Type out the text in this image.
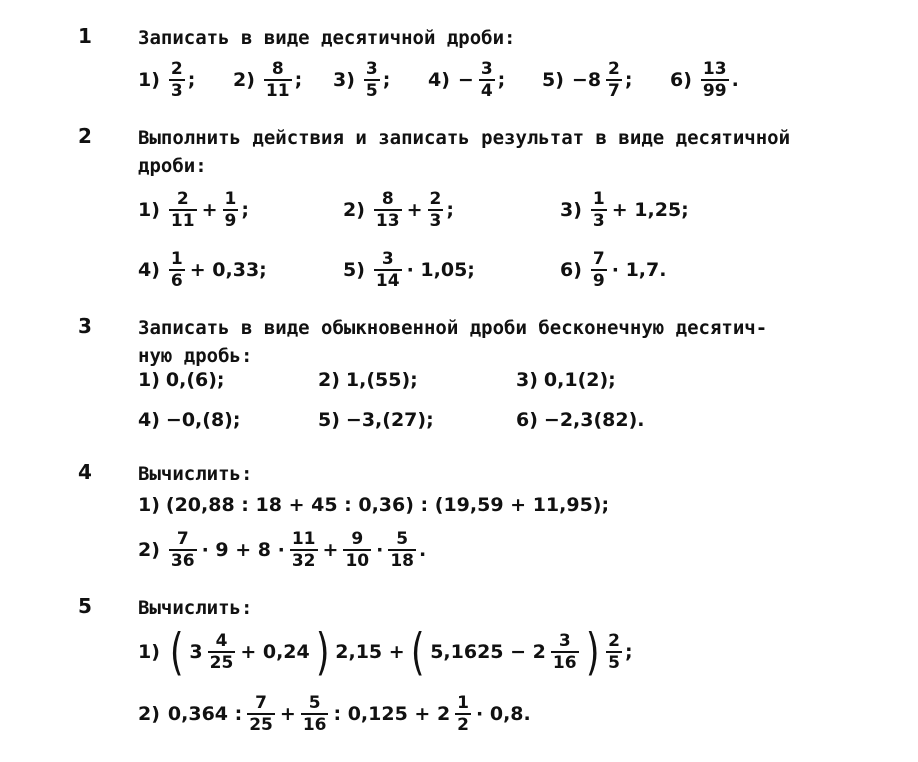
1 Записать в виде десятичной дроби:
$1) \frac{2}{3}$ ; $2) \frac{8}{11}$ ; $3) \frac{3}{5}$ ; $4) - \frac{3}{4}$ ; $5) -8 \frac{2}{7}$ ; $6) \frac{13}{99}$ .
2 Выполнить действия и записать результат в виде десятичной
дроби:
$1) \frac{2}{11} + \frac{1}{9}$ ;	$2) \frac{8}{13} + \frac{2}{3}$ ;	$3) \frac{1}{3} + 1,25$;
$4) \frac{1}{6} + 0,33$;	$5) \frac{3}{14} \cdot 1,05$;	$6) \frac{7}{9} \cdot 1,7$.
3 Записать в виде обыкновенной дроби бесконечную десятич-
ную дробь:
1) 0,(6);	2) 1,(55);	3) 0,1(2);
4) −0,(8);	5) −3,(27);	6) −2,3(82).
4 Вычислить:
1) (20,88 : 18 + 45 : 0,36) : (19,59 + 11,95);
$2) \frac{7}{36} \cdot 9 + 8 \cdot \frac{11}{32} + \frac{9}{10} \cdot \frac{5}{18}$ .
5 Вычислить:
1) ( $3 \frac{4}{25} + 0,24$ ) 2,15 + ( $5,1625 - 2 \frac{3}{16}$ ) $\frac{2}{5}$ ;
2) 0,364 : $\frac{7}{25} + \frac{5}{16}$ : $0,125 + 2 \frac{1}{2} \cdot 0,8$.
